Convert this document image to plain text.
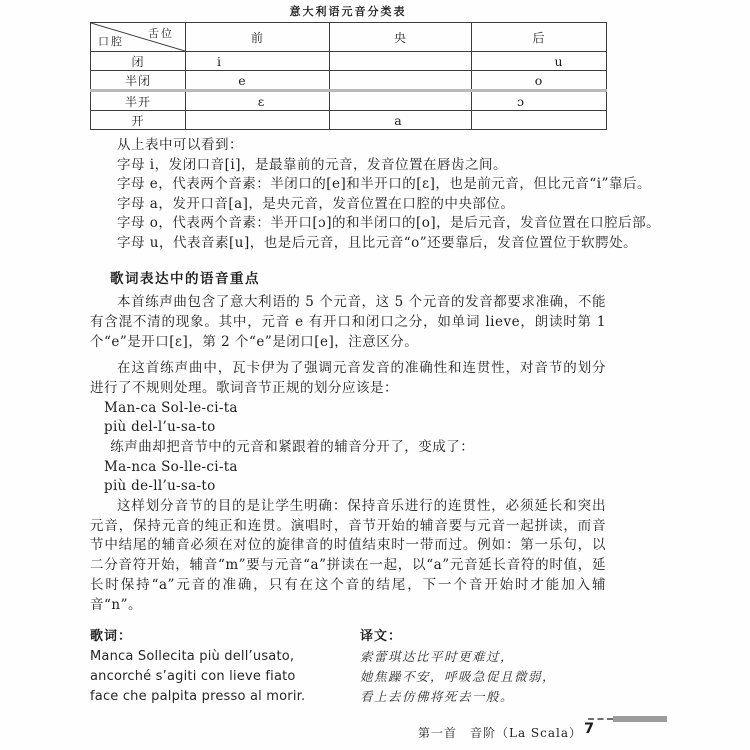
意大利语元音分类表
舌位
口腔	前	央	后
闭	i		u
半闭	e		o
半开	ɛ		ɔ
开		a	
从上表中可以看到：
字母 i，发闭口音[i]，是最靠前的元音，发音位置在唇齿之间。
字母 e，代表两个音素：半闭口的[e]和半开口的[ɛ]，也是前元音，但比元音“i”靠后。
字母 a，发开口音[a]，是央元音，发音位置在口腔的中央部位。
字母 o，代表两个音素：半开口[ɔ]的和半闭口的[o]，是后元音，发音位置在口腔后部。
字母 u，代表音素[u]，也是后元音，且比元音“o”还要靠后，发音位置位于软腭处。
歌词表达中的语音重点

本首练声曲包含了意大利语的 5 个元音，这 5 个元音的发音都要求准确，不能有含混不清的现象。其中，元音 e 有开口和闭口之分，如单词 lieve，朗读时第 1 个“e”是开口[ɛ]，第 2 个“e”是闭口[e]，注意区分。

在这首练声曲中，瓦卡伊为了强调元音发音的准确性和连贯性，对音节的划分进行了不规则处理。歌词音节正规的划分应该是：

Man-ca Sol-le-ci-ta
più del-l’u-sa-to

练声曲却把音节中的元音和紧跟着的辅音分开了，变成了：

Ma-nca So-lle-ci-ta
più de-ll’u-sa-to

这样划分音节的目的是让学生明确：保持音乐进行的连贯性，必须延长和突出元音，保持元音的纯正和连贯。演唱时，音节开始的辅音要与元音一起拼读，而音节中结尾的辅音必须在对位的旋律音的时值结束时一带而过。例如：第一乐句，以二分音符开始，辅音“m”要与元音“a”拼读在一起，以“a”元音延长音符的时值，延长时保持“a”元音的准确，只有在这个音的结尾，下一个音开始时才能加入辅音“n”。

歌词：
Manca Sollecita più dell’usato,
ancorché s’agiti con lieve fiato
face che palpita presso al morir.
译文：
索蕾琪达比平时更难过，
她焦躁不安，呼吸急促且微弱，
看上去仿佛将死去一般。
第一首　音阶（La Scala） 7
